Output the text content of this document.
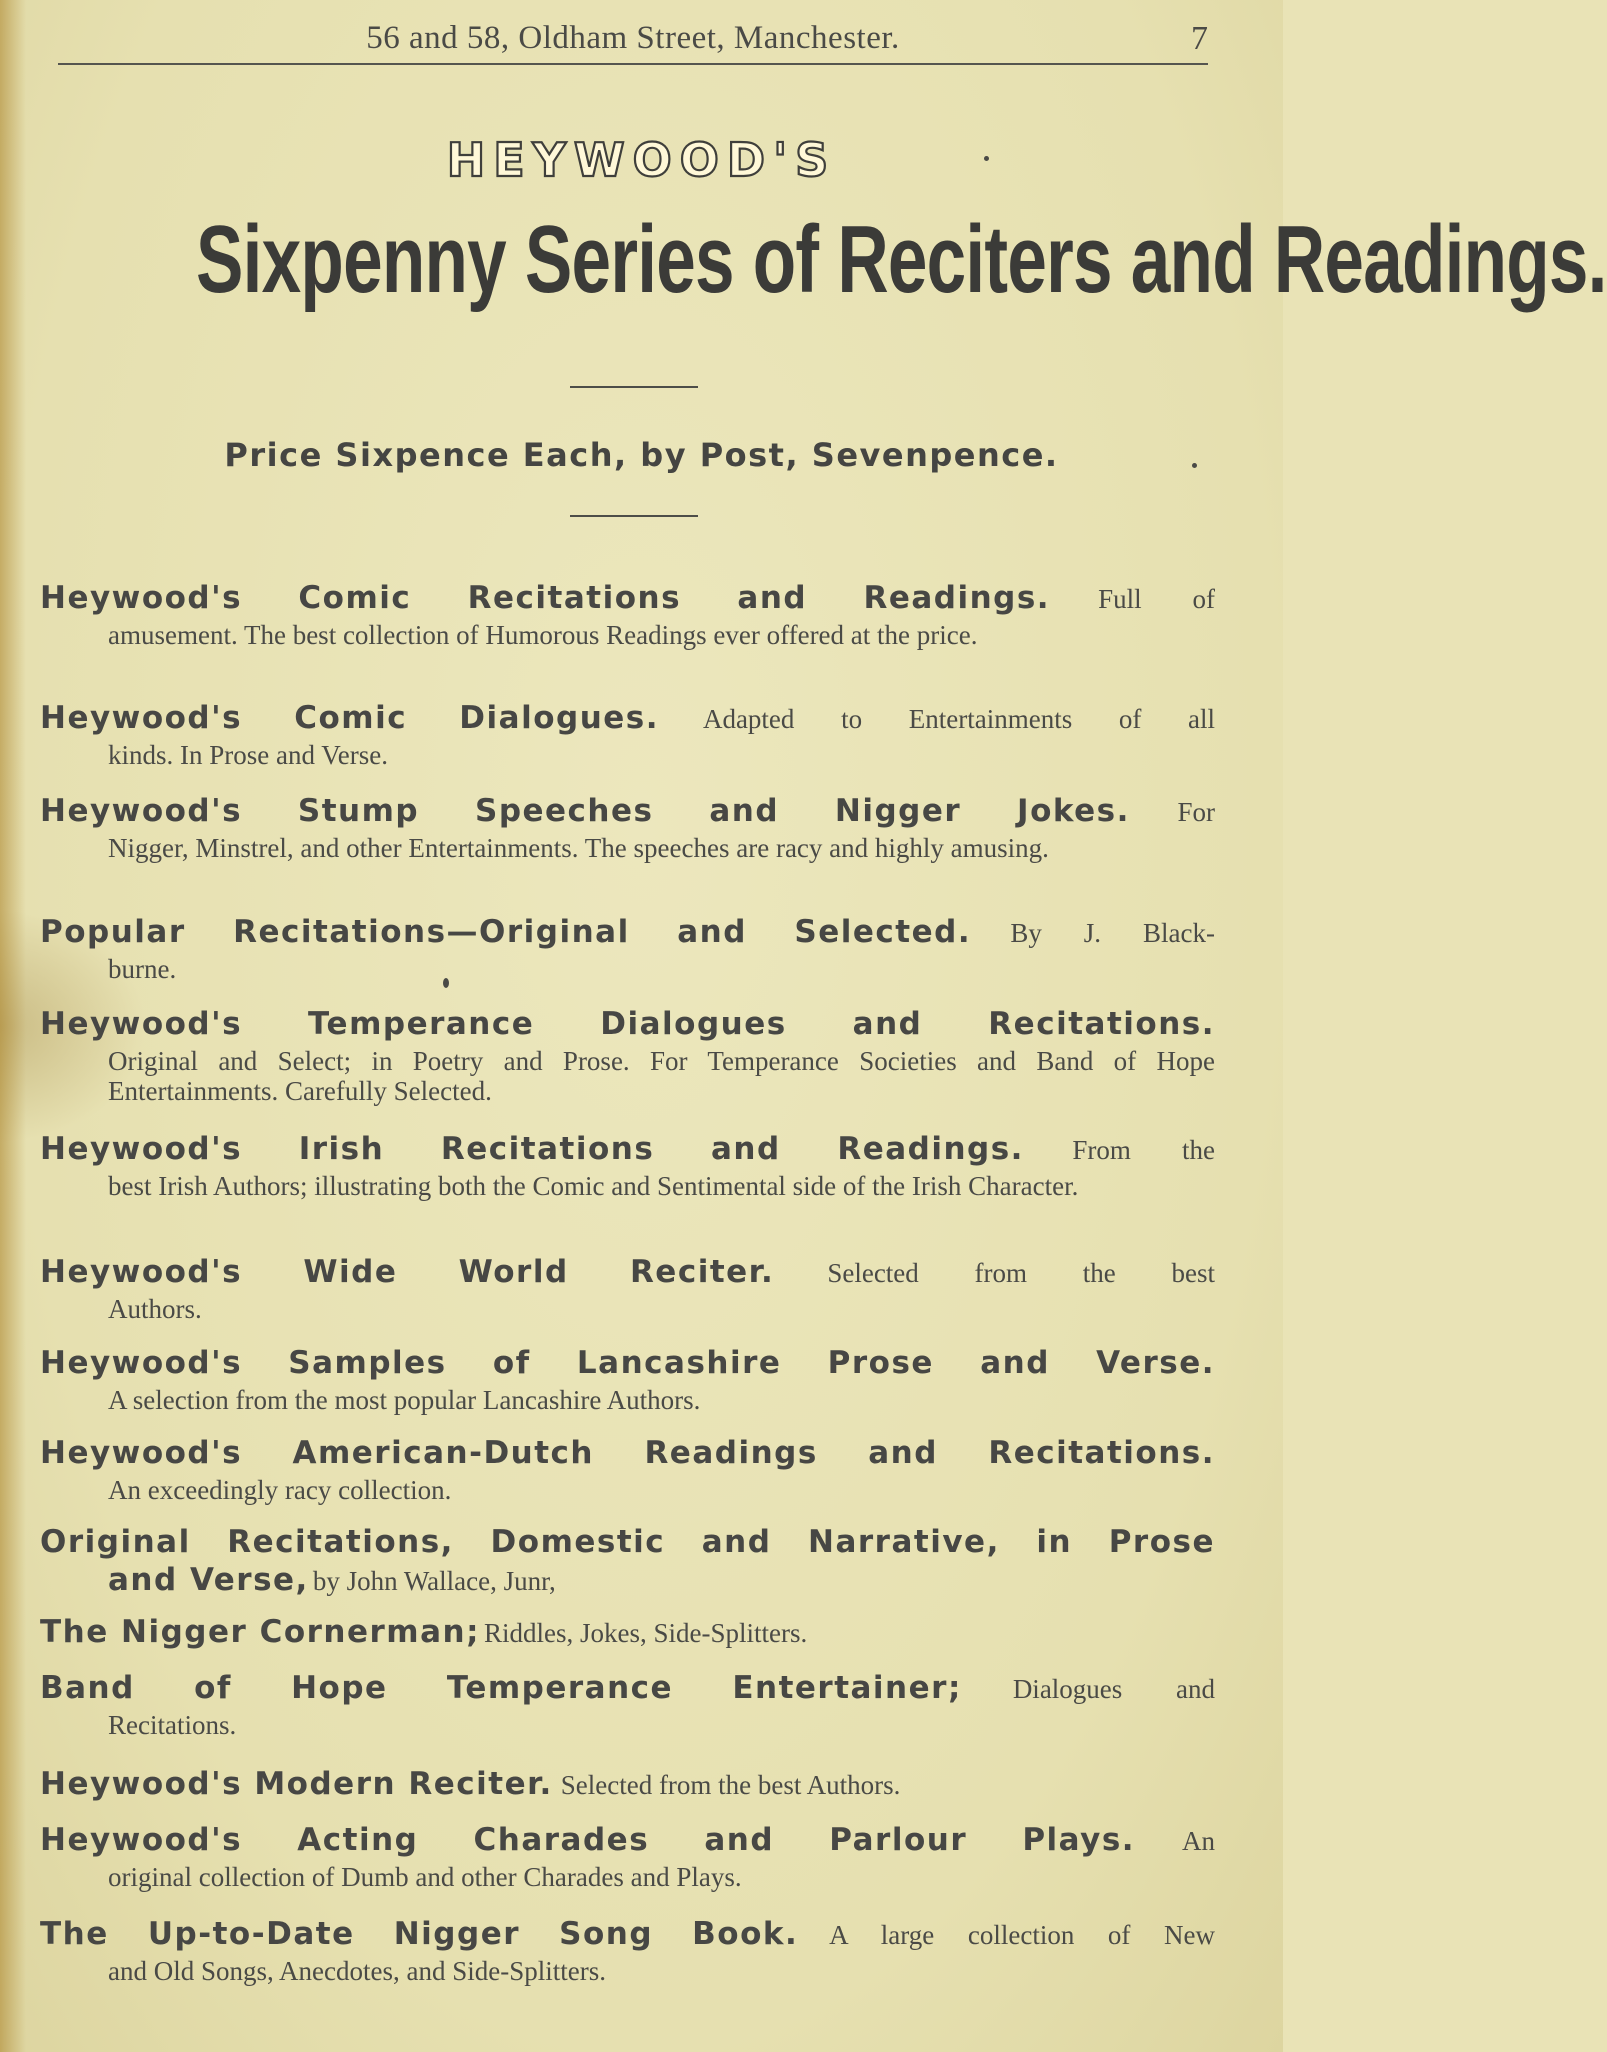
56 and 58, Oldham Street, Manchester.	7
HEYWOOD'S
Sixpenny Series of Reciters and Readings.
Price Sixpence Each, by Post, Sevenpence.
Heywood's Comic Recitations and Readings. Full of
amusement. The best collection of Humorous Readings ever offered at the price.
Heywood's Comic Dialogues. Adapted to Entertainments of all
kinds. In Prose and Verse.
Heywood's Stump Speeches and Nigger Jokes. For
Nigger, Minstrel, and other Entertainments. The speeches are racy and highly amusing.
Popular Recitations—Original and Selected. By J. Black-
burne.
Heywood's Temperance Dialogues and Recitations.
Original and Select; in Poetry and Prose. For Temperance Societies and Band of Hope Entertainments. Carefully Selected.
Heywood's Irish Recitations and Readings. From the
best Irish Authors; illustrating both the Comic and Sentimental side of the Irish Character.
Heywood's Wide World Reciter. Selected from the best
Authors.
Heywood's Samples of Lancashire Prose and Verse.
A selection from the most popular Lancashire Authors.
Heywood's American-Dutch Readings and Recitations.
An exceedingly racy collection.
Original Recitations, Domestic and Narrative, in Prose
and Verse, by John Wallace, Junr,
The Nigger Cornerman; Riddles, Jokes, Side-Splitters.
Band of Hope Temperance Entertainer; Dialogues and
Recitations.
Heywood's Modern Reciter. Selected from the best Authors.
Heywood's Acting Charades and Parlour Plays. An
original collection of Dumb and other Charades and Plays.
The Up-to-Date Nigger Song Book. A large collection of New
and Old Songs, Anecdotes, and Side-Splitters.
